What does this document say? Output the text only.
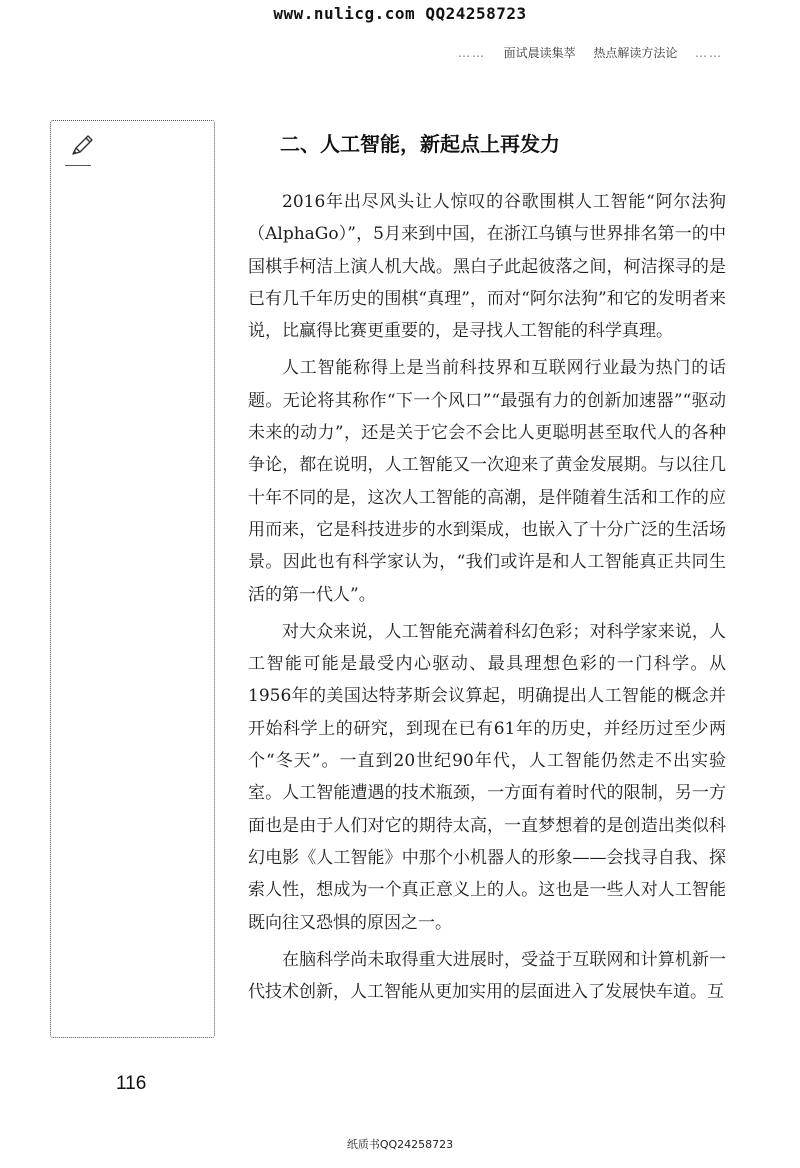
www.nulicg.com QQ24258723
…… 面试晨读集萃 热点解读方法论 ……
二、人工智能，新起点上再发力

2016年出尽风头让人惊叹的谷歌围棋人工智能“阿尔法狗（AlphaGo）”，5月来到中国，在浙江乌镇与世界排名第一的中国棋手柯洁上演人机大战。黑白子此起彼落之间，柯洁探寻的是已有几千年历史的围棋“真理”，而对“阿尔法狗”和它的发明者来说，比赢得比赛更重要的，是寻找人工智能的科学真理。

人工智能称得上是当前科技界和互联网行业最为热门的话题。无论将其称作“下一个风口”“最强有力的创新加速器”“驱动未来的动力”，还是关于它会不会比人更聪明甚至取代人的各种争论，都在说明，人工智能又一次迎来了黄金发展期。与以往几十年不同的是，这次人工智能的高潮，是伴随着生活和工作的应用而来，它是科技进步的水到渠成，也嵌入了十分广泛的生活场景。因此也有科学家认为，“我们或许是和人工智能真正共同生活的第一代人”。

对大众来说，人工智能充满着科幻色彩；对科学家来说，人工智能可能是最受内心驱动、最具理想色彩的一门科学。从1956年的美国达特茅斯会议算起，明确提出人工智能的概念并开始科学上的研究，到现在已有61年的历史，并经历过至少两个“冬天”。一直到20世纪90年代，人工智能仍然走不出实验室。人工智能遭遇的技术瓶颈，一方面有着时代的限制，另一方面也是由于人们对它的期待太高，一直梦想着的是创造出类似科幻电影《人工智能》中那个小机器人的形象——会找寻自我、探索人性，想成为一个真正意义上的人。这也是一些人对人工智能既向往又恐惧的原因之一。

在脑科学尚未取得重大进展时，受益于互联网和计算机新一代技术创新，人工智能从更加实用的层面进入了发展快车道。互

116
纸质书QQ24258723
